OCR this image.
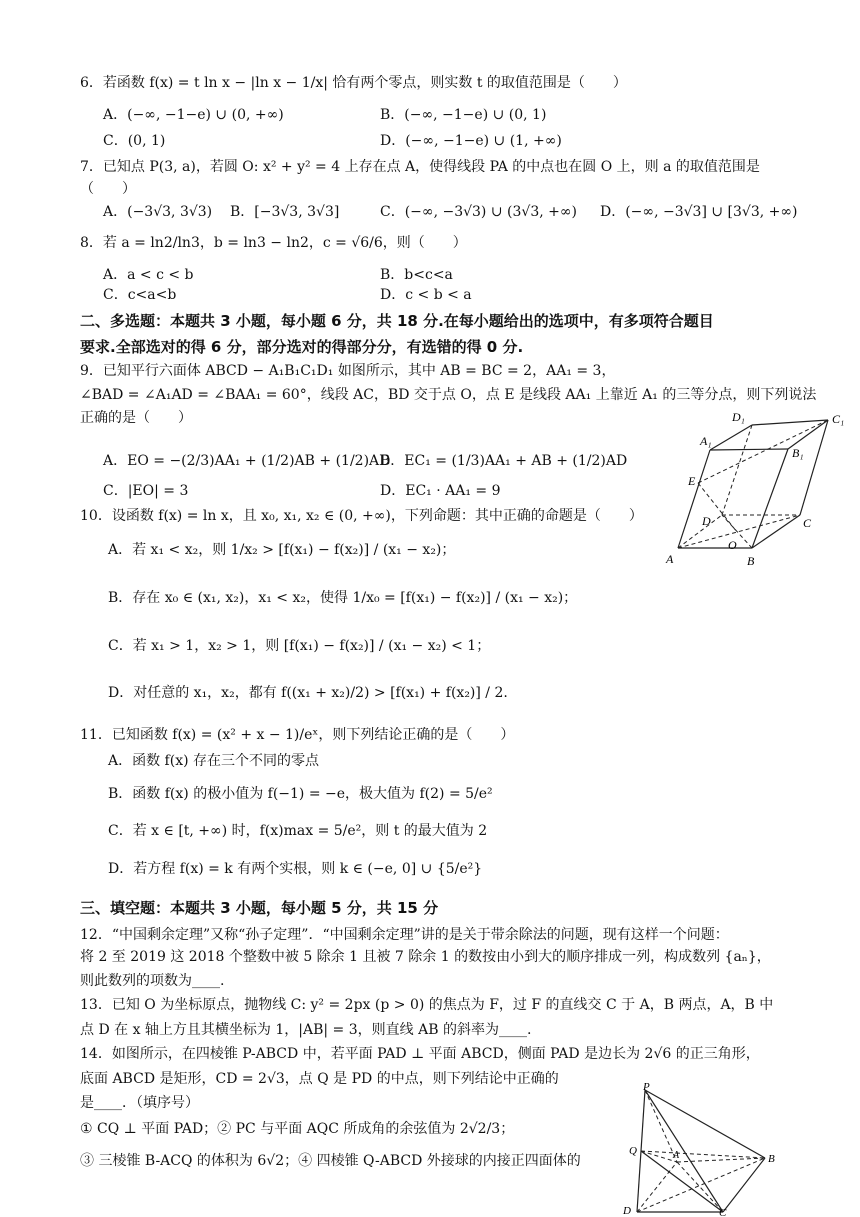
6．若函数 f(x) = t ln x − |ln x − 1/x| 恰有两个零点，则实数 t 的取值范围是（　　）
A．(−∞, −1−e) ∪ (0, +∞)	B．(−∞, −1−e) ∪ (0, 1)
C．(0, 1)	D．(−∞, −1−e) ∪ (1, +∞)
7．已知点 P(3, a)，若圆 O: x² + y² = 4 上存在点 A，使得线段 PA 的中点也在圆 O 上，则 a 的取值范围是
（　　）
A．(−3√3, 3√3) B．[−3√3, 3√3]	C．(−∞, −3√3) ∪ (3√3, +∞) D．(−∞, −3√3] ∪ [3√3, +∞)
8．若 a = ln2/ln3，b = ln3 − ln2，c = √6/6，则（　　）
A．a < c < b	B．b<c<a
C．c<a<b	D．c < b < a
二、多选题：本题共 3 小题，每小题 6 分，共 18 分.在每小题给出的选项中，有多项符合题目
要求.全部选对的得 6 分，部分选对的得部分分，有选错的得 0 分.
9．已知平行六面体 ABCD − A₁B₁C₁D₁ 如图所示，其中 AB = BC = 2，AA₁ = 3，
∠BAD = ∠A₁AD = ∠BAA₁ = 60°，线段 AC，BD 交于点 O，点 E 是线段 AA₁ 上靠近 A₁ 的三等分点，则下列说法
正确的是（　　）
A．EO = −(2/3)AA₁ + (1/2)AB + (1/2)AD
B．EC₁ = (1/3)AA₁ + AB + (1/2)AD
C．|EO| = 3	D．EC₁ · AA₁ = 9
10．设函数 f(x) = ln x，且 x₀, x₁, x₂ ∈ (0, +∞)，下列命题：其中正确的命题是（　　）
A．若 x₁ < x₂，则 1/x₂ > [f(x₁) − f(x₂)] / (x₁ − x₂)；
B．存在 x₀ ∈ (x₁, x₂)，x₁ < x₂，使得 1/x₀ = [f(x₁) − f(x₂)] / (x₁ − x₂)；
C．若 x₁ > 1，x₂ > 1，则 [f(x₁) − f(x₂)] / (x₁ − x₂) < 1；
D．对任意的 x₁，x₂，都有 f((x₁ + x₂)/2) > [f(x₁) + f(x₂)] / 2.
11．已知函数 f(x) = (x² + x − 1)/eˣ，则下列结论正确的是（　　）
A．函数 f(x) 存在三个不同的零点
B．函数 f(x) 的极小值为 f(−1) = −e，极大值为 f(2) = 5/e²
C．若 x ∈ [t, +∞) 时，f(x)max = 5/e²，则 t 的最大值为 2
D．若方程 f(x) = k 有两个实根，则 k ∈ (−e, 0] ∪ {5/e²}
三、填空题：本题共 3 小题，每小题 5 分，共 15 分
12．“中国剩余定理”又称“孙子定理”．“中国剩余定理”讲的是关于带余除法的问题，现有这样一个问题：
将 2 至 2019 这 2018 个整数中被 5 除余 1 且被 7 除余 1 的数按由小到大的顺序排成一列，构成数列 {aₙ}，
则此数列的项数为____.
13．已知 O 为坐标原点，抛物线 C: y² = 2px (p > 0) 的焦点为 F，过 F 的直线交 C 于 A，B 两点，A，B 中
点 D 在 x 轴上方且其横坐标为 1，|AB| = 3，则直线 AB 的斜率为____.
14．如图所示，在四棱锥 P-ABCD 中，若平面 PAD ⊥ 平面 ABCD，侧面 PAD 是边长为 2√6 的正三角形，
底面 ABCD 是矩形，CD = 2√3，点 Q 是 PD 的中点，则下列结论中正确的
是____．（填序号）
① CQ ⊥ 平面 PAD；② PC 与平面 AQC 所成角的余弦值为 2√2/3；
③ 三棱锥 B-ACQ 的体积为 6√2；④ 四棱锥 Q-ABCD 外接球的内接正四面体的
A	B
C
D
O
E
A₁
B₁
C₁
D₁
P
Q
B
D	C
A
